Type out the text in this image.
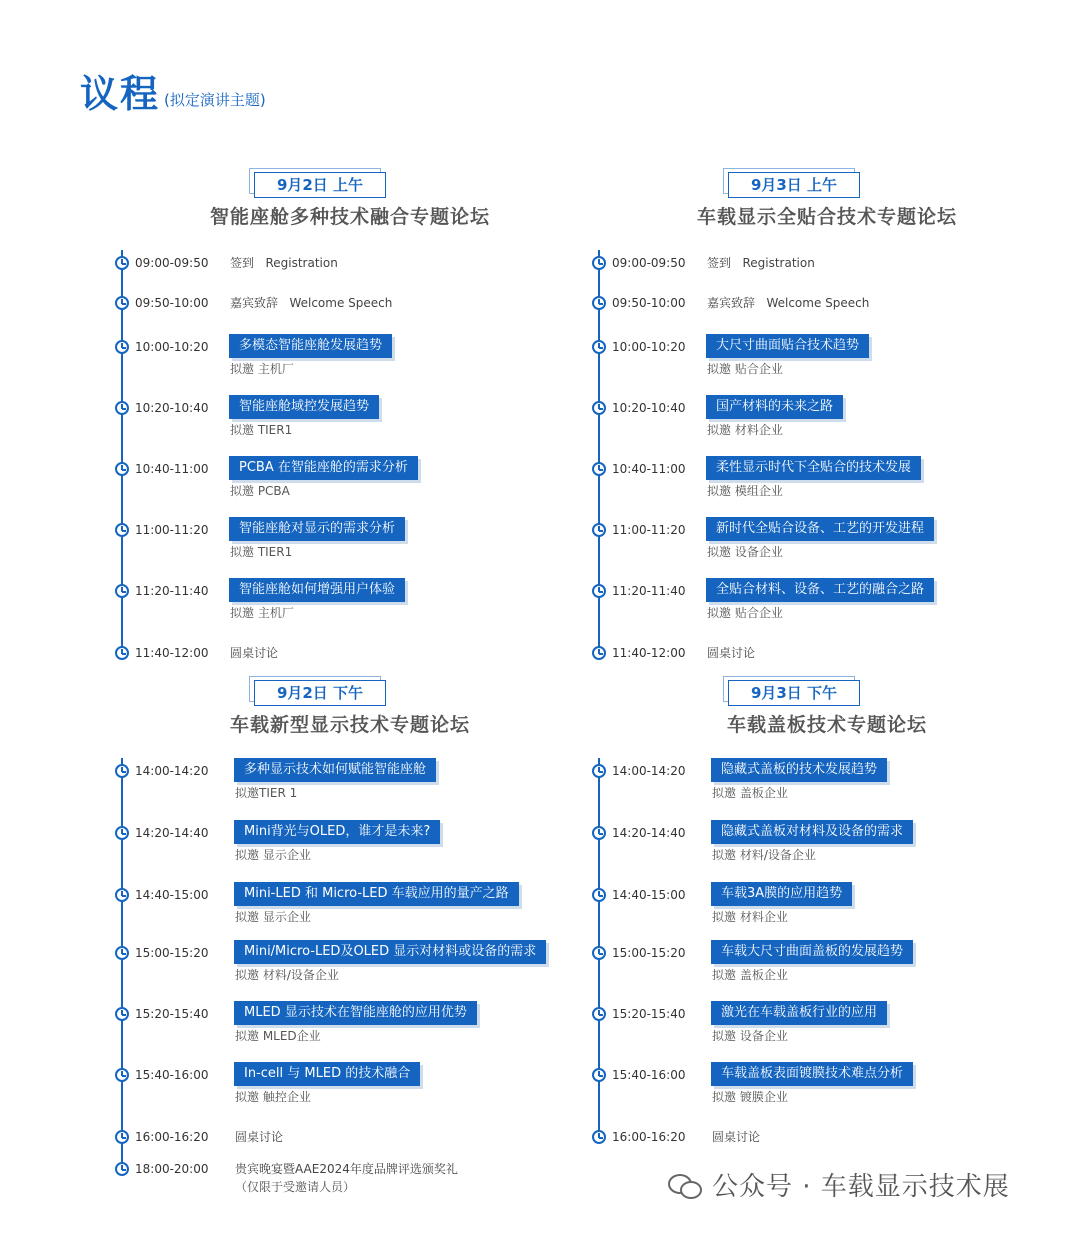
议程 (拟定演讲主题)
9月2日 上午
智能座舱多种技术融合专题论坛
09:00-09:50 签到   Registration
09:50-10:00 嘉宾致辞   Welcome Speech
10:00-10:20	多模态智能座舱发展趋势
拟邀 主机厂
10:20-10:40	智能座舱域控发展趋势
拟邀 TIER1
10:40-11:00	PCBA 在智能座舱的需求分析
拟邀 PCBA
11:00-11:20	智能座舱对显示的需求分析
拟邀 TIER1
11:20-11:40	智能座舱如何增强用户体验
拟邀 主机厂
11:40-12:00 圆桌讨论
9月3日 上午
车载显示全贴合技术专题论坛
09:00-09:50 签到   Registration
09:50-10:00 嘉宾致辞   Welcome Speech
10:00-10:20	大尺寸曲面贴合技术趋势
拟邀 贴合企业
10:20-10:40	国产材料的未来之路
拟邀 材料企业
10:40-11:00	柔性显示时代下全贴合的技术发展
拟邀 模组企业
11:00-11:20	新时代全贴合设备、工艺的开发进程
拟邀 设备企业
11:20-11:40	全贴合材料、设备、工艺的融合之路
拟邀 贴合企业
11:40-12:00 圆桌讨论
9月2日 下午
车载新型显示技术专题论坛
14:00-14:20	多种显示技术如何赋能智能座舱
拟邀TIER 1
14:20-14:40	Mini背光与OLED，谁才是未来?
拟邀 显示企业
14:40-15:00	Mini-LED 和 Micro-LED 车载应用的量产之路
拟邀 显示企业
15:00-15:20	Mini/Micro-LED及OLED 显示对材料或设备的需求
拟邀 材料/设备企业
15:20-15:40	MLED 显示技术在智能座舱的应用优势
拟邀 MLED企业
15:40-16:00	In-cell 与 MLED 的技术融合
拟邀 触控企业
16:00-16:20 圆桌讨论
18:00-20:00 贵宾晚宴暨AAE2024年度品牌评选颁奖礼
（仅限于受邀请人员）
9月3日 下午
车载盖板技术专题论坛
14:00-14:20	隐藏式盖板的技术发展趋势
拟邀 盖板企业
14:20-14:40	隐藏式盖板对材料及设备的需求
拟邀 材料/设备企业
14:40-15:00	车载3A膜的应用趋势
拟邀 材料企业
15:00-15:20	车载大尺寸曲面盖板的发展趋势
拟邀 盖板企业
15:20-15:40	激光在车载盖板行业的应用
拟邀 设备企业
15:40-16:00	车载盖板表面镀膜技术难点分析
拟邀 镀膜企业
16:00-16:20 圆桌讨论
公众号 · 车载显示技术展
